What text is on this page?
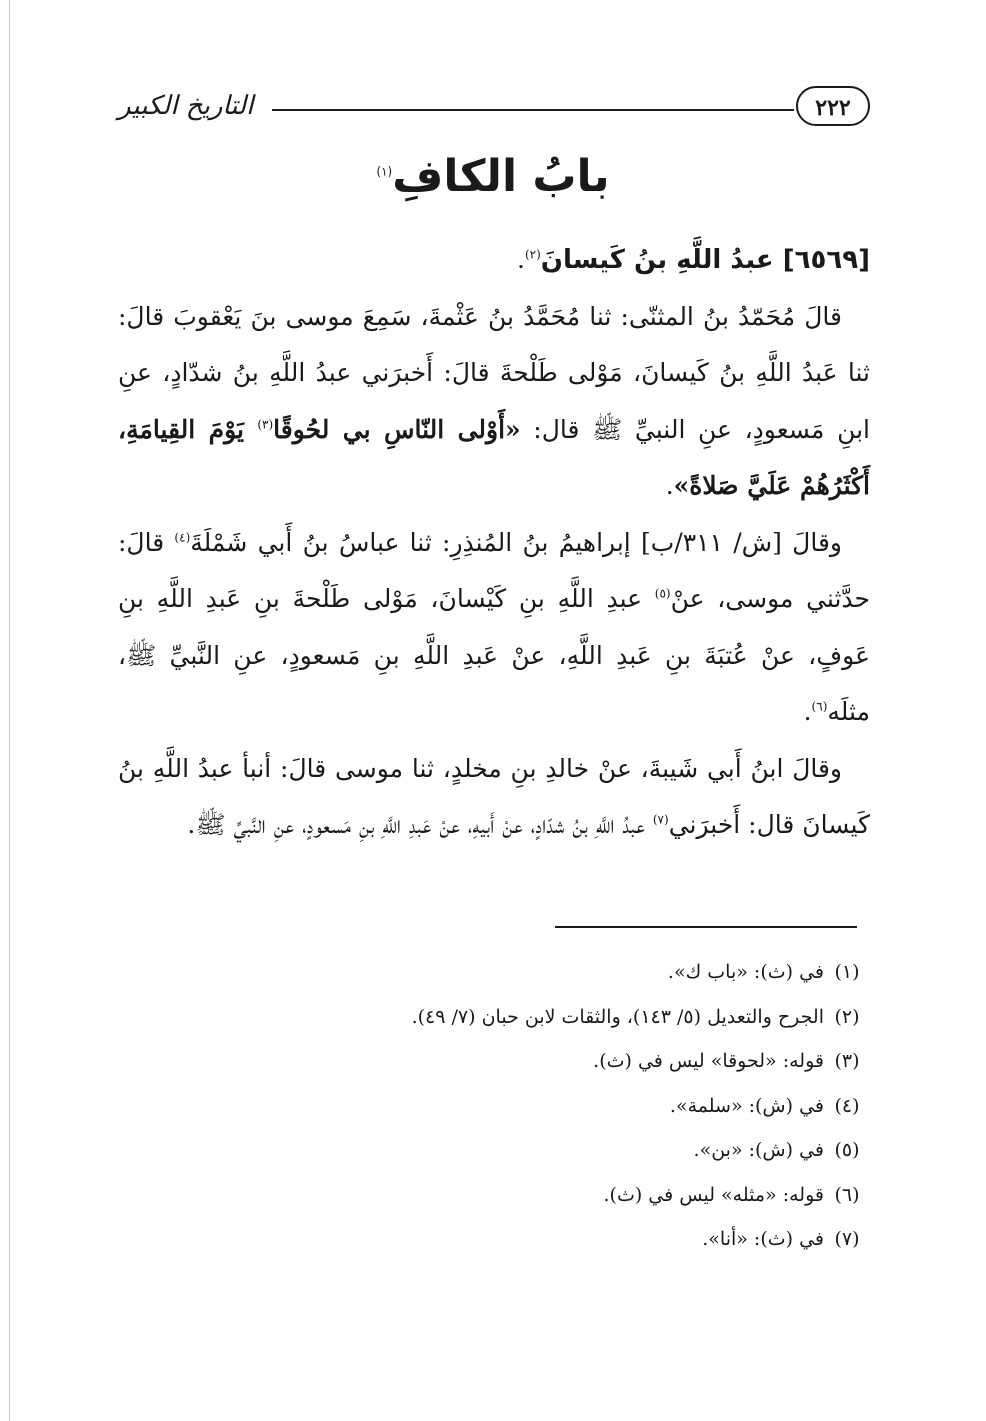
التاريخ الكبير	٢٢٢
بابُ الكافِ$^{(١)}$

[٦٥٦٩] عبدُ اللَّهِ بنُ كَيسانَ$^{(٢)}$.

قالَ مُحَمّدُ بنُ المثنّى: ثنا مُحَمَّدُ بنُ عَثْمةَ، سَمِعَ موسى بنَ يَعْقوبَ قالَ: ثنا عَبدُ اللَّهِ بنُ كَيسانَ، مَوْلى طَلْحةَ قالَ: أَخبرَني عبدُ اللَّهِ بنُ شدّادٍ، عنِ ابنِ مَسعودٍ، عنِ النبيِّ ﷺ قال: «أَوْلى النّاسِ بي لحُوقًا$^{(٣)}$ يَوْمَ القِيامَةِ، أَكْثَرُهُمْ عَلَيَّ صَلاةً».

وقالَ [ش/ ٣١١/ب] إبراهيمُ بنُ المُنذِرِ: ثنا عباسُ بنُ أَبي شَمْلَةَ$^{(٤)}$ قالَ: حدَّثني موسى، عنْ$^{(٥)}$ عبدِ اللَّهِ بنِ كَيْسانَ، مَوْلى طَلْحةَ بنِ عَبدِ اللَّهِ بنِ عَوفٍ، عنْ عُتبَةَ بنِ عَبدِ اللَّهِ، عنْ عَبدِ اللَّهِ بنِ مَسعودٍ، عنِ النَّبيِّ ﷺ، مثلَه$^{(٦)}$.

وقالَ ابنُ أَبي شَيبةَ، عنْ خالدِ بنِ مخلدٍ، ثنا موسى قالَ: أنبأ عبدُ اللَّهِ بنُ كَيسانَ قال: أَخبرَني$^{(٧)}$ عبدُ اللَّهِ بنُ شدّادٍ، عنْ أَبيهِ، عنْ عَبدِ اللَّهِ بنِ مَسعودٍ، عنِ النَّبيِّ ﷺ.

(١)في (ث): «باب ك».
(٢)الجرح والتعديل (٥/ ١٤٣)، والثقات لابن حبان (٧/ ٤٩).
(٣)قوله: «لحوقا» ليس في (ث).
(٤)في (ش): «سلمة».
(٥)في (ش): «بن».
(٦)قوله: «مثله» ليس في (ث).
(٧)في (ث): «أنا».
